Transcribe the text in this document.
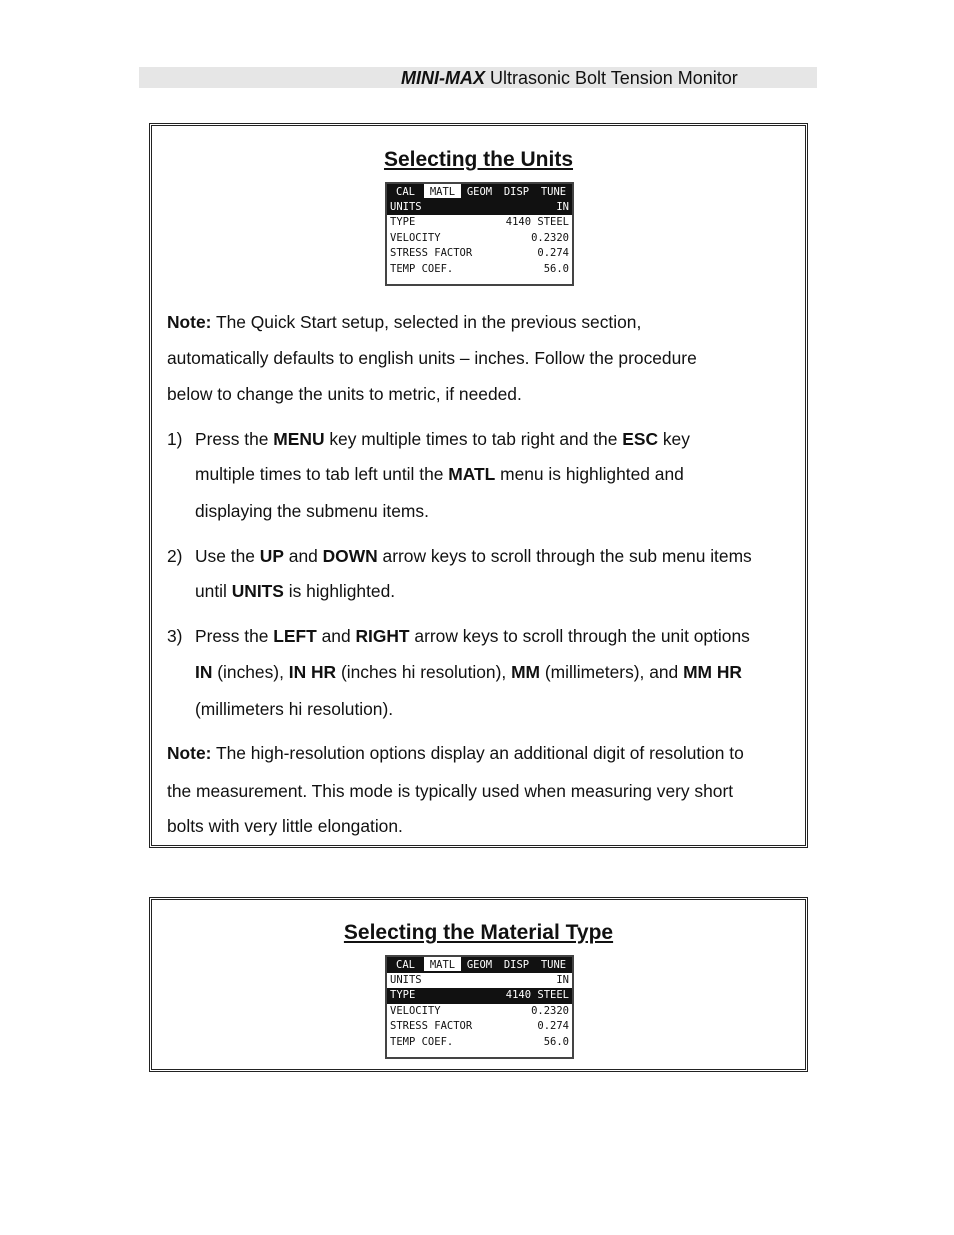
MINI-MAX Ultrasonic Bolt Tension Monitor
Selecting the Units
CAL	MATL	GEOM	DISP	TUNE
UNITS	IN
TYPE	4140 STEEL
VELOCITY	0.2320
STRESS FACTOR	0.274
TEMP COEF.	56.0
Note: The Quick Start setup, selected in the previous section,
automatically defaults to english units – inches. Follow the procedure
below to change the units to metric, if needed.
1) Press the MENU key multiple times to tab right and the ESC key
multiple times to tab left until the MATL menu is highlighted and
displaying the submenu items.
2) Use the UP and DOWN arrow keys to scroll through the sub menu items
until UNITS is highlighted.
3) Press the LEFT and RIGHT arrow keys to scroll through the unit options
IN (inches), IN HR (inches hi resolution), MM (millimeters), and MM HR
(millimeters hi resolution).
Note: The high-resolution options display an additional digit of resolution to
the measurement. This mode is typically used when measuring very short
bolts with very little elongation.
Selecting the Material Type
CAL	MATL	GEOM	DISP	TUNE
UNITS	IN
TYPE	4140 STEEL
VELOCITY	0.2320
STRESS FACTOR	0.274
TEMP COEF.	56.0
